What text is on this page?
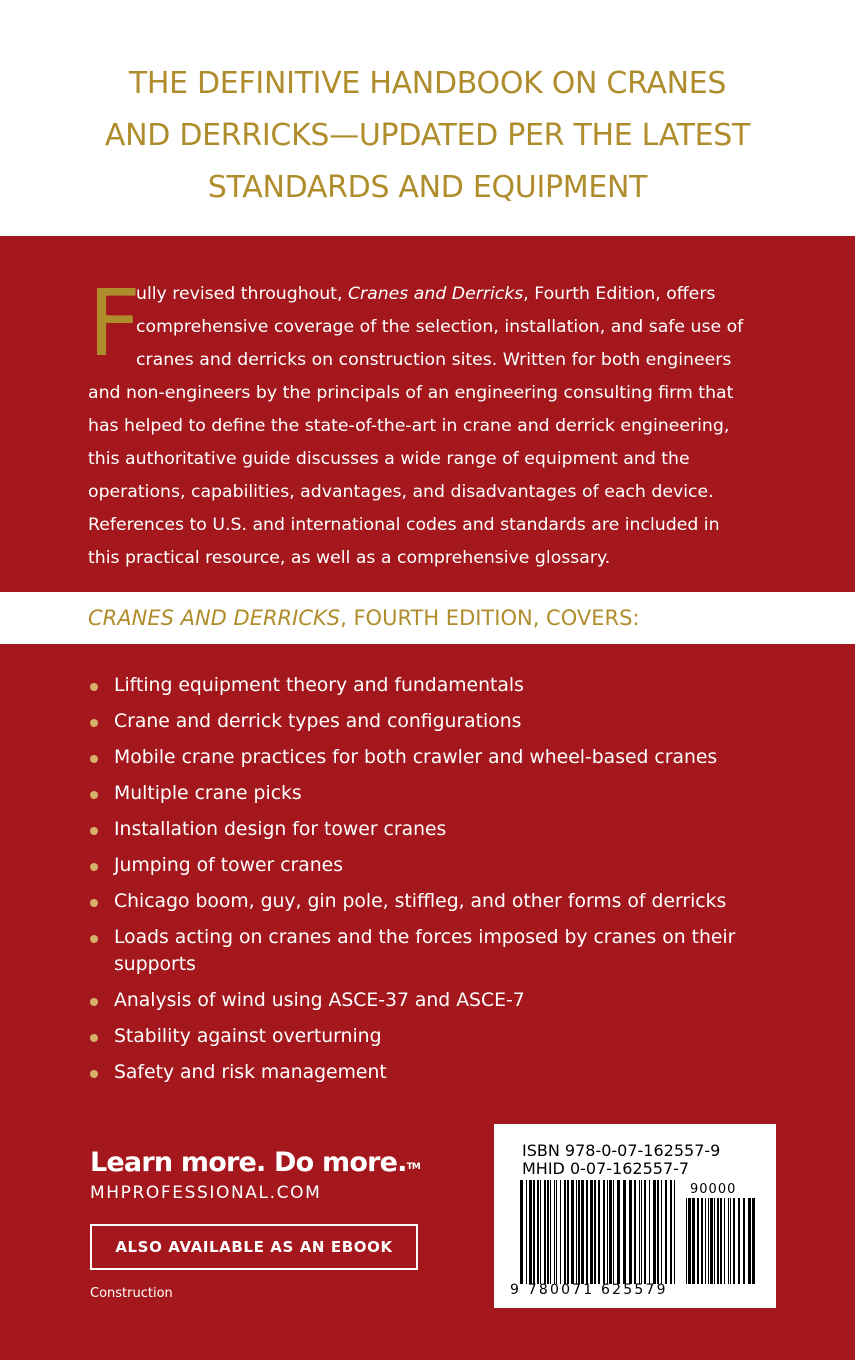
THE DEFINITIVE HANDBOOK ON CRANES
AND DERRICKS—UPDATED PER THE LATEST
STANDARDS AND EQUIPMENT
F
ully revised throughout, Cranes and Derricks, Fourth Edition, offers
comprehensive coverage of the selection, installation, and safe use of
cranes and derricks on construction sites. Written for both engineers
and non-engineers by the principals of an engineering consulting firm that
has helped to define the state-of-the-art in crane and derrick engineering,
this authoritative guide discusses a wide range of equipment and the
operations, capabilities, advantages, and disadvantages of each device.
References to U.S. and international codes and standards are included in
this practical resource, as well as a comprehensive glossary.
CRANES AND DERRICKS, FOURTH EDITION, COVERS:
Lifting equipment theory and fundamentals
Crane and derrick types and configurations
Mobile crane practices for both crawler and wheel-based cranes
Multiple crane picks
Installation design for tower cranes
Jumping of tower cranes
Chicago boom, guy, gin pole, stiffleg, and other forms of derricks
Loads acting on cranes and the forces imposed by cranes on their supports
Analysis of wind using ASCE-37 and ASCE-7
Stability against overturning
Safety and risk management
Learn more. Do more.™
MHPROFESSIONAL.COM
ALSO AVAILABLE AS AN EBOOK
Construction
ISBN 978-0-07-162557-9
MHID 0-07-162557-7
90000
9 780071 625579
